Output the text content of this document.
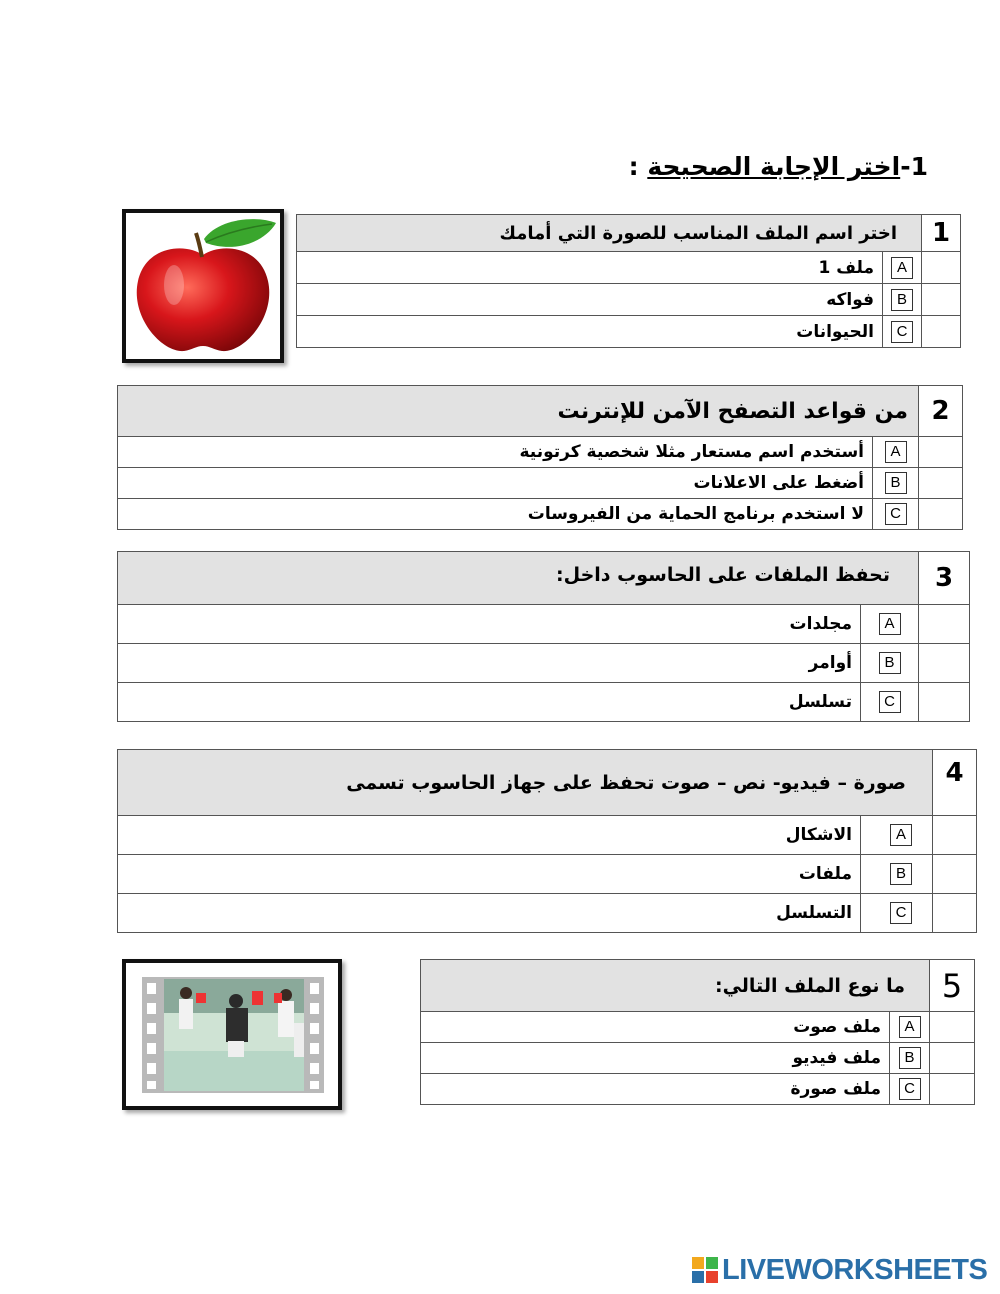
1-اختر الإجابة الصحيحة :
1	اختر اسم الملف المناسب للصورة التي أمامك	
	A	ملف 1
	B	فواكه
	C	الحيوانات
2	من قواعد التصفح الآمن للإنترنت	
	A	أستخدم اسم مستعار مثلا شخصية كرتونية
	B	أضغط على الاعلانات
	C	لا استخدم برنامج الحماية من الفيروسات
3	تحفظ الملفات على الحاسوب داخل:	
	A	مجلدات
	B	أوامر
	C	تسلسل
4	صورة – فيديو- نص – صوت تحفظ على جهاز الحاسوب تسمى	
	A	الاشكال
	B	ملفات
	C	التسلسل
5	ما نوع الملف التالي:	
	A	ملف صوت
	B	ملف فيديو
	C	ملف صورة
LIVEWORKSHEETS
